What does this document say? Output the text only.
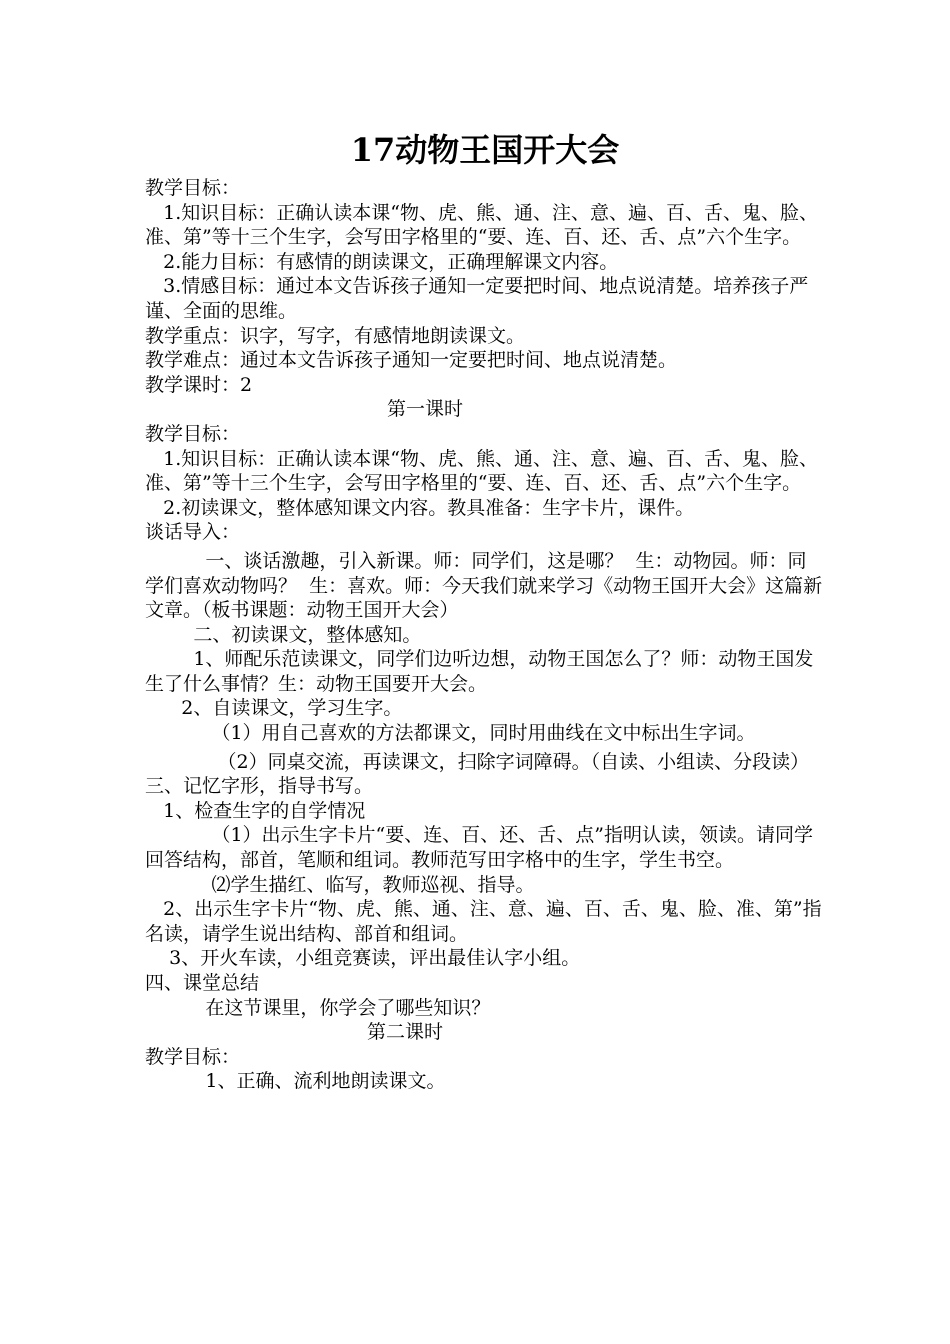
17动物王国开大会

教学目标：

1.知识目标：正确认读本课“物、虎、熊、通、注、意、遍、百、舌、鬼、脸、准、第”等十三个生字，会写田字格里的“要、连、百、还、舌、点”六个生字。

2.能力目标：有感情的朗读课文，正确理解课文内容。

3.情感目标：通过本文告诉孩子通知一定要把时间、地点说清楚。培养孩子严谨、全面的思维。

教学重点：识字，写字，有感情地朗读课文。

教学难点：通过本文告诉孩子通知一定要把时间、地点说清楚。

教学课时：2

第一课时

教学目标：

1.知识目标：正确认读本课“物、虎、熊、通、注、意、遍、百、舌、鬼、脸、准、第”等十三个生字，会写田字格里的“要、连、百、还、舌、点”六个生字。

2.初读课文，整体感知课文内容。教具准备：生字卡片，课件。

谈话导入：

一、谈话激趣，引入新课。师：同学们，这是哪？  生：动物园。师：同学们喜欢动物吗？  生：喜欢。师：今天我们就来学习《动物王国开大会》这篇新文章。（板书课题：动物王国开大会）

二、初读课文，整体感知。

1、师配乐范读课文，同学们边听边想，动物王国怎么了？师：动物王国发生了什么事情？生：动物王国要开大会。

2、自读课文，学习生字。

（1）用自己喜欢的方法都课文，同时用曲线在文中标出生字词。

（2）同桌交流，再读课文，扫除字词障碍。（自读、小组读、分段读）

三、记忆字形，指导书写。

1、检查生字的自学情况

（1）出示生字卡片“要、连、百、还、舌、点”指明认读，领读。请同学回答结构，部首，笔顺和组词。教师范写田字格中的生字，学生书空。

⑵学生描红、临写，教师巡视、指导。

2、出示生字卡片“物、虎、熊、通、注、意、遍、百、舌、鬼、脸、准、第”指名读，请学生说出结构、部首和组词。

3、开火车读，小组竞赛读，评出最佳认字小组。

四、课堂总结

在这节课里，你学会了哪些知识？

第二课时

教学目标：

1、正确、流利地朗读课文。
